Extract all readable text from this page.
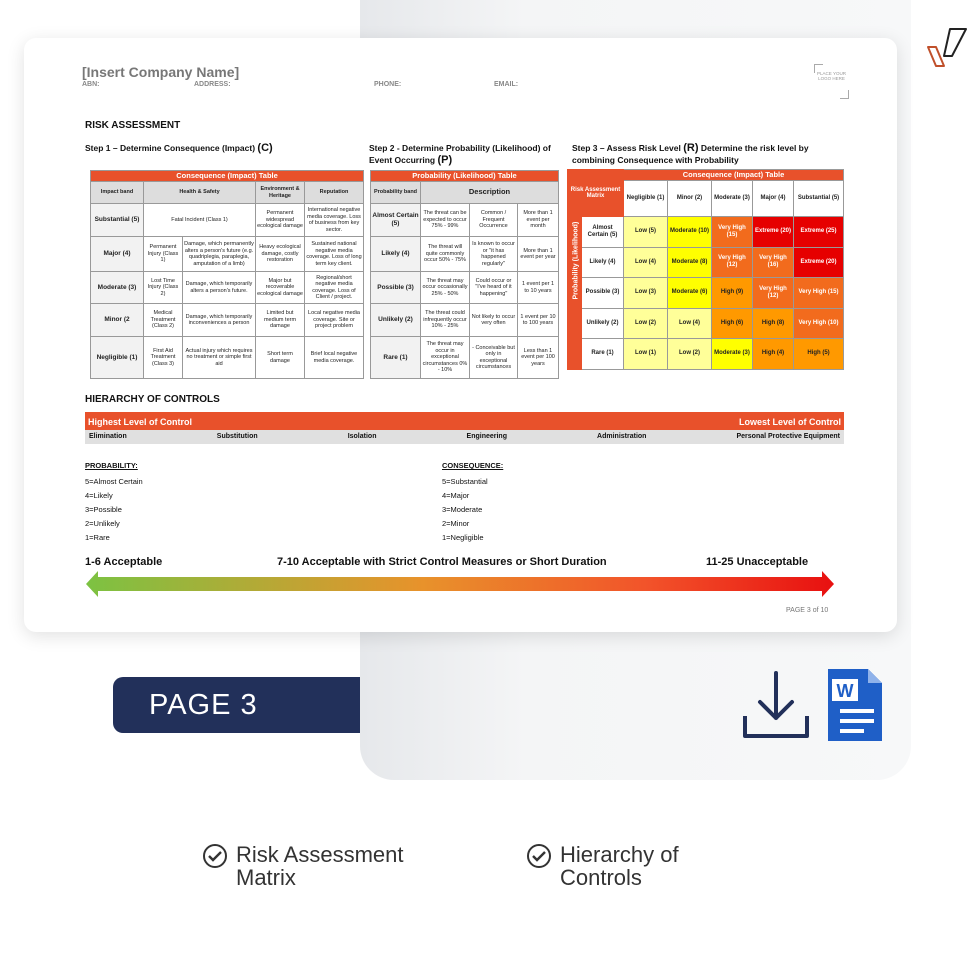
[Insert Company Name]
ABN:	ADDRESS:	PHONE:	EMAIL:
PLACE YOUR LOGO HERE
RISK ASSESSMENT
Step 1 – Determine Consequence (Impact) (C)	Step 2 - Determine Probability (Likelihood) of Event Occurring (P)
Step 3 – Assess Risk Level (R) Determine the risk level by combining Consequence with Probability
Consequence (Impact) Table				
Impact band	Health & Safety		Environment & Heritage	Reputation
Substantial (5)	Fatal Incident (Class 1)		Permanent widespread ecological damage	International negative media coverage. Loss of business from key sector.
Major (4)	Permanent Injury (Class 1)	Damage, which permanently alters a person's future (e.g. quadriplegia, paraplegia, amputation of a limb)	Heavy ecological damage, costly restoration	Sustained national negative media coverage. Loss of long term key client.
Moderate (3)	Lost Time Injury (Class 2)	Damage, which temporarily alters a person's future.	Major but recoverable ecological damage	Regional/short negative media coverage. Loss of Client / project.
Minor (2	Medical Treatment (Class 2)	Damage, which temporarily inconveniences a person	Limited but medium term damage	Local negative media coverage. Site or project problem
Negligible (1)	First Aid Treatment (Class 3)	Actual injury which requires no treatment or simple first aid	Short term damage	Brief local negative media coverage.
Probability (Likelihood) Table			
Probability band	Description		
Almost Certain (5)	The threat can be expected to occur 75% - 99%	Common / Frequent Occurrence	More than 1 event per month
Likely (4)	The threat will quite commonly occur 50% - 75%	Is known to occur or "it has happened regularly"	More than 1 event per year
Possible (3)	The threat may occur occasionally 25% - 50%	Could occur or "I've heard of it happening"	1 event per 1 to 10 years
Unlikely (2)	The threat could infrequently occur 10% - 25%	Not likely to occur very often	1 event per 10 to 100 years
Rare (1)	The threat may occur in exceptional circumstances 0% - 10%	- Conceivable but only in exceptional circumstances	Less than 1 event per 100 years
Risk Assessment Matrix		Consequence (Impact) Table				
		Negligible (1)	Minor (2)	Moderate (3)	Major (4)	Substantial (5)

Probability (Likelihood)	Almost Certain (5)	Low (5)	Moderate (10)	Very High (15)	Extreme (20)	Extreme (25)
	Likely (4)	Low (4)	Moderate (8)	Very High (12)	Very High (16)	Extreme (20)
	Possible (3)	Low (3)	Moderate (6)	High (9)	Very High (12)	Very High (15)
	Unlikely (2)	Low (2)	Low (4)	High (6)	High (8)	Very High (10)
	Rare (1)	Low (1)	Low (2)	Moderate (3)	High (4)	High (5)
HIERARCHY OF CONTROLS
Highest Level of Control	Lowest Level of Control
Elimination	Substitution	Isolation	Engineering	Administration	Personal Protective Equipment
PROBABILITY:
5=Almost Certain
4=Likely
3=Possible
2=Unlikely
1=Rare
CONSEQUENCE:
5=Substantial
4=Major
3=Moderate
2=Minor
1=Negligible
1-6 Acceptable	7-10 Acceptable with Strict Control Measures or Short Duration	11-25 Unacceptable
PAGE 3 of 10
PAGE 3	W
Risk Assessment Matrix
Hierarchy of Controls
